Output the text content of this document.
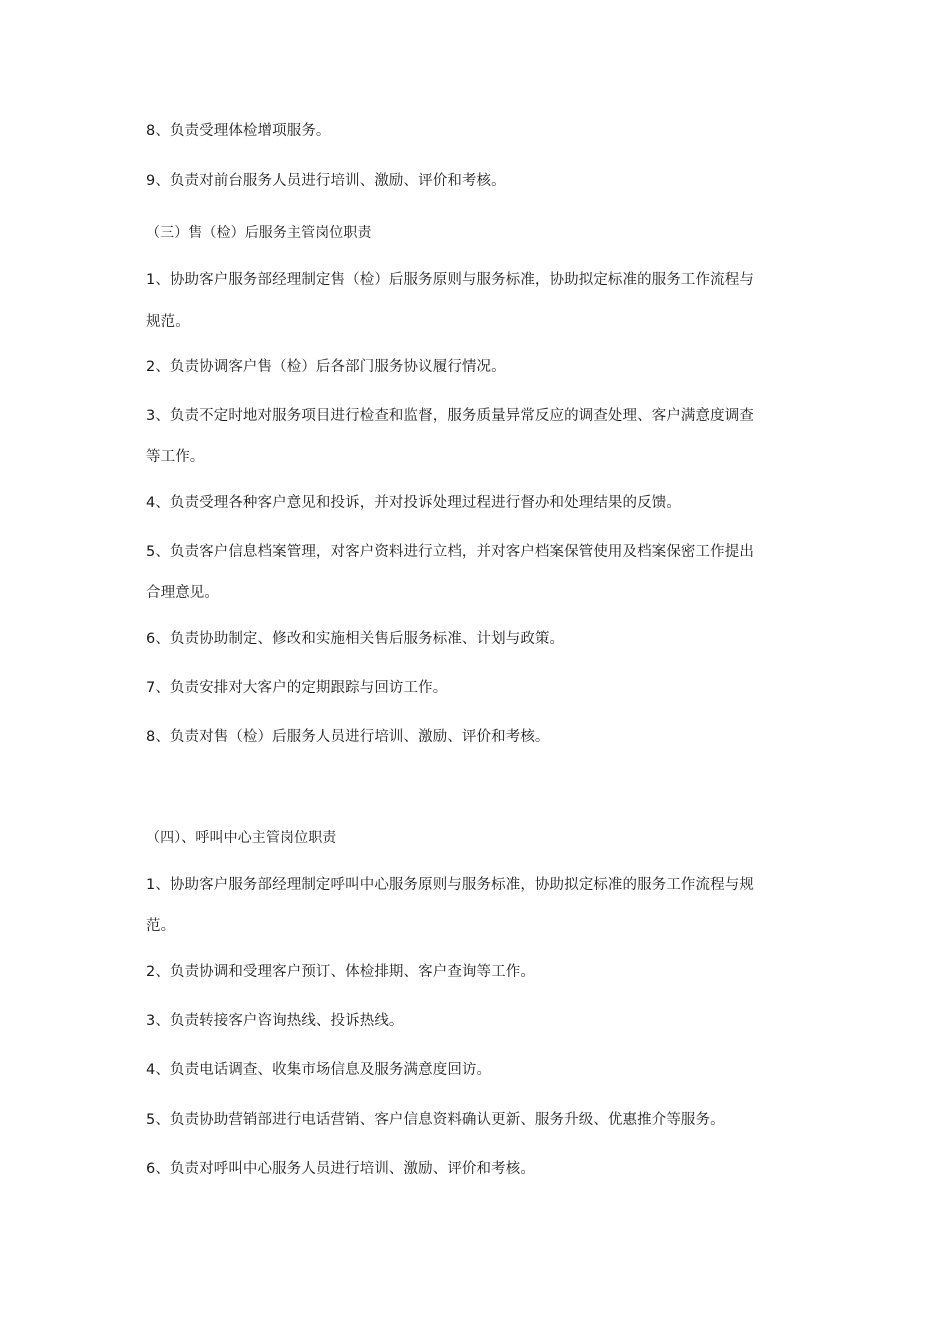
8、负责受理体检增项服务。
9、负责对前台服务人员进行培训、激励、评价和考核。
（三）售（检）后服务主管岗位职责
1、协助客户服务部经理制定售（检）后服务原则与服务标准，协助拟定标准的服务工作流程与
规范。
2、负责协调客户售（检）后各部门服务协议履行情况。
3、负责不定时地对服务项目进行检查和监督，服务质量异常反应的调查处理、客户满意度调查
等工作。
4、负责受理各种客户意见和投诉，并对投诉处理过程进行督办和处理结果的反馈。
5、负责客户信息档案管理，对客户资料进行立档，并对客户档案保管使用及档案保密工作提出
合理意见。
6、负责协助制定、修改和实施相关售后服务标准、计划与政策。
7、负责安排对大客户的定期跟踪与回访工作。
8、负责对售（检）后服务人员进行培训、激励、评价和考核。
（四）、呼叫中心主管岗位职责
1、协助客户服务部经理制定呼叫中心服务原则与服务标准，协助拟定标准的服务工作流程与规
范。
2、负责协调和受理客户预订、体检排期、客户查询等工作。
3、负责转接客户咨询热线、投诉热线。
4、负责电话调查、收集市场信息及服务满意度回访。
5、负责协助营销部进行电话营销、客户信息资料确认更新、服务升级、优惠推介等服务。
6、负责对呼叫中心服务人员进行培训、激励、评价和考核。
